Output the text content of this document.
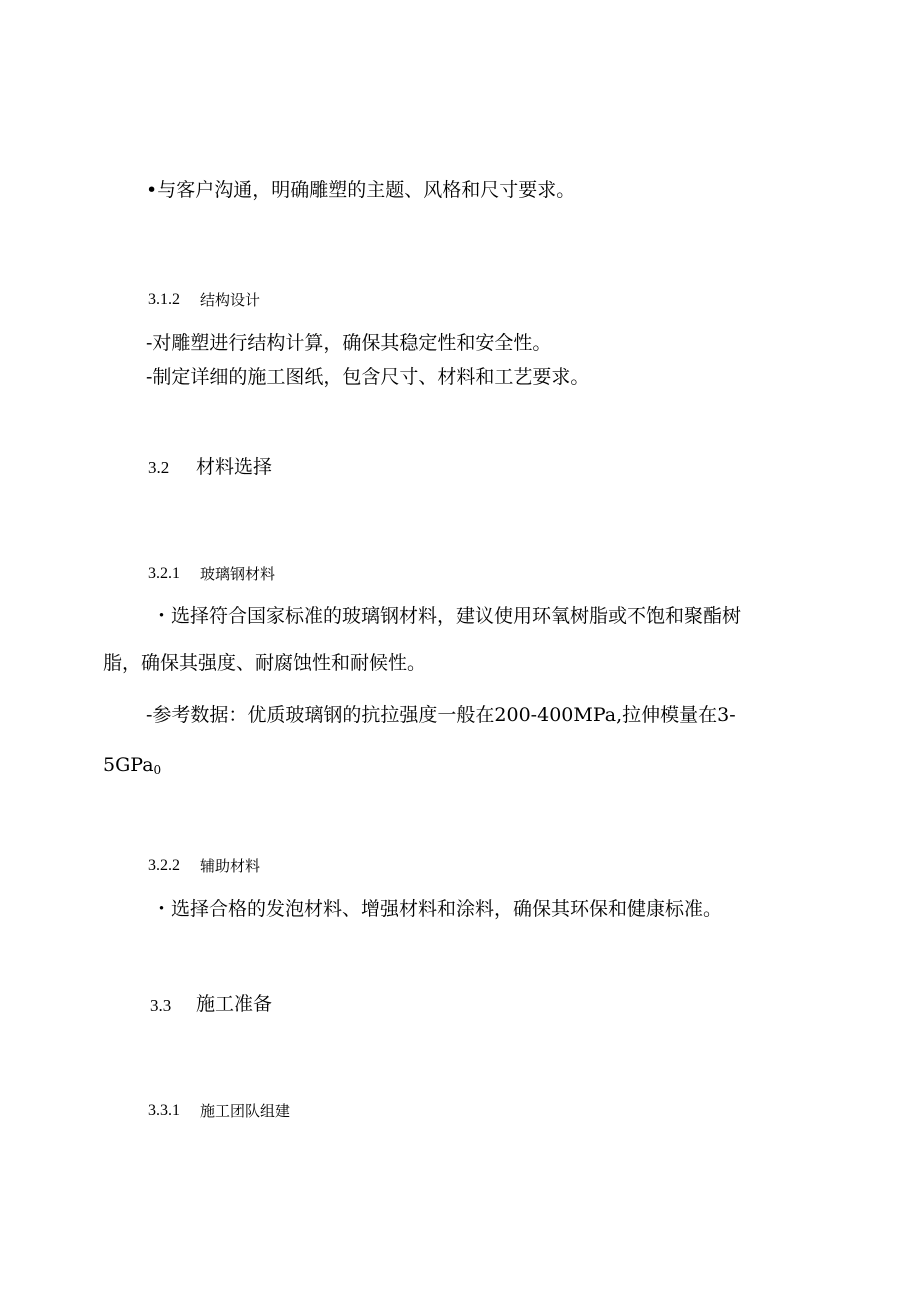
•与客户沟通，明确雕塑的主题、风格和尺寸要求。
3.1.2 结构设计
-对雕塑进行结构计算，确保其稳定性和安全性。
-制定详细的施工图纸，包含尺寸、材料和工艺要求。
3.2 材料选择
3.2.1 玻璃钢材料
・选择符合国家标准的玻璃钢材料，建议使用环氧树脂或不饱和聚酯树
脂，确保其强度、耐腐蚀性和耐候性。
-参考数据：优质玻璃钢的抗拉强度一般在200-400MPa,拉伸模量在3-
5GPa$_0$
3.2.2 辅助材料
・选择合格的发泡材料、增强材料和涂料，确保其环保和健康标准。
3.3 施工准备
3.3.1 施工团队组建
